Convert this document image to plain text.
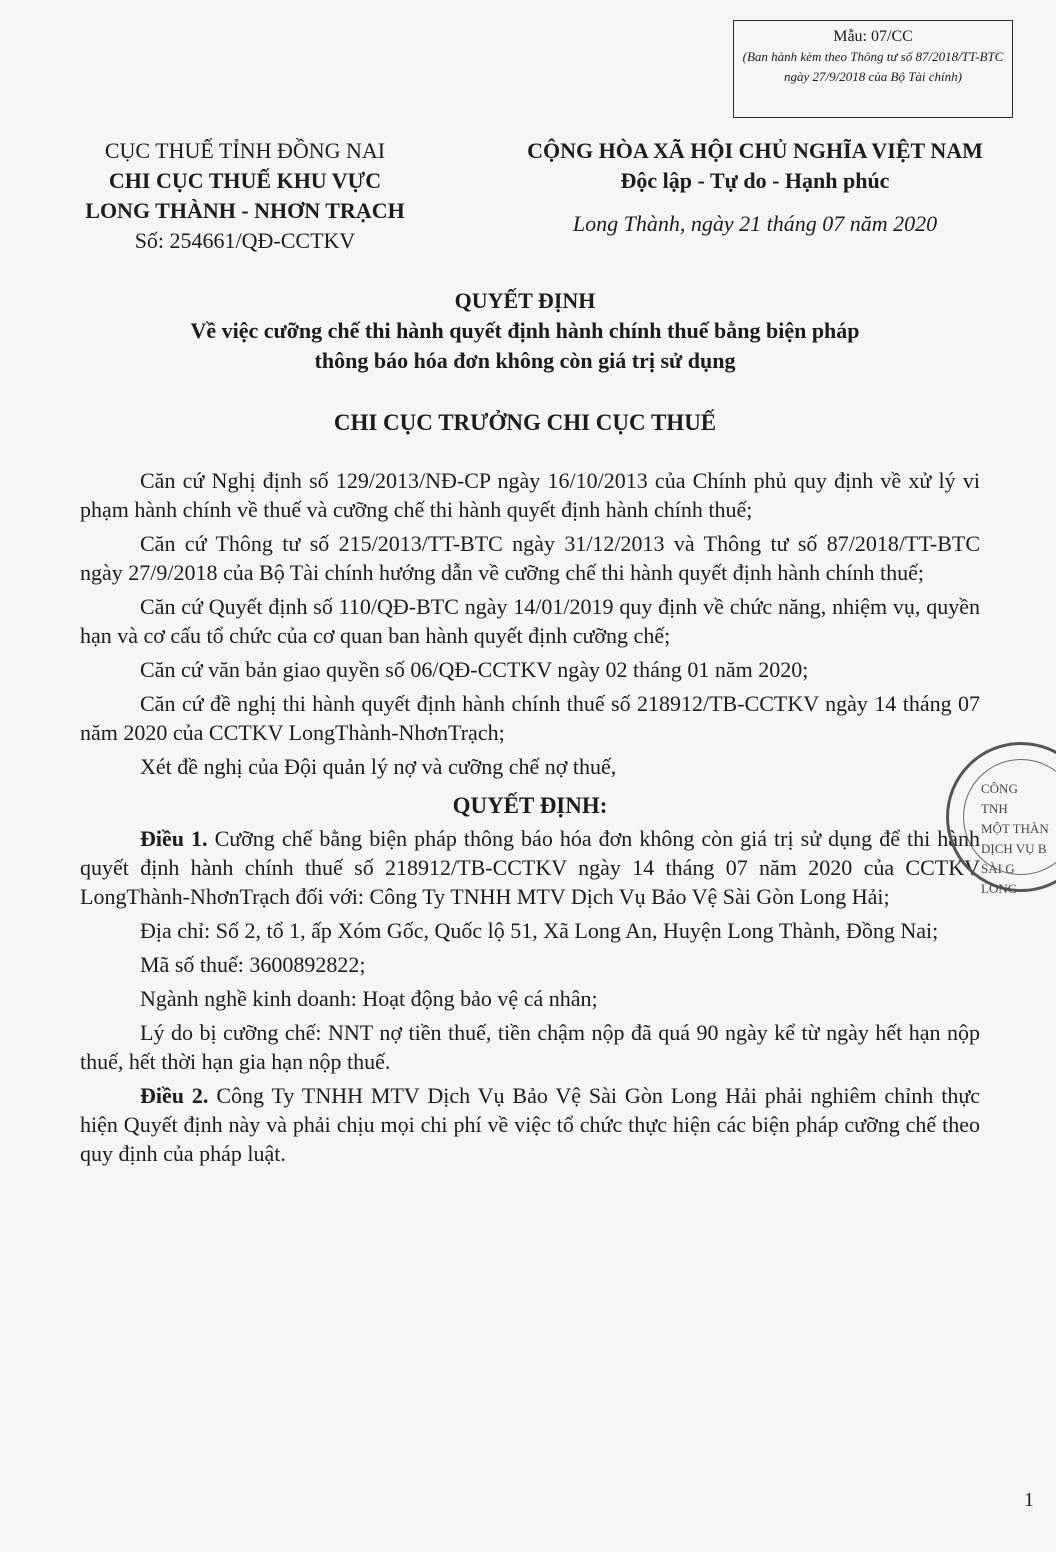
Mẫu: 07/CC
(Ban hành kèm theo Thông tư số 87/2018/TT-BTC ngày 27/9/2018 của Bộ Tài chính)
CỤC THUẾ TỈNH ĐỒNG NAI
CHI CỤC THUẾ KHU VỰC
LONG THÀNH - NHƠN TRẠCH
Số: 254661/QĐ-CCTKV
CỘNG HÒA XÃ HỘI CHỦ NGHĨA VIỆT NAM
Độc lập - Tự do - Hạnh phúc
Long Thành, ngày 21 tháng 07 năm 2020
QUYẾT ĐỊNH
Về việc cưỡng chế thi hành quyết định hành chính thuế bằng biện pháp
thông báo hóa đơn không còn giá trị sử dụng
CHI CỤC TRƯỞNG CHI CỤC THUẾ

Căn cứ Nghị định số 129/2013/NĐ-CP ngày 16/10/2013 của Chính phủ quy định về xử lý vi phạm hành chính về thuế và cưỡng chế thi hành quyết định hành chính thuế;

Căn cứ Thông tư số 215/2013/TT-BTC ngày 31/12/2013 và Thông tư số 87/2018/TT-BTC ngày 27/9/2018 của Bộ Tài chính hướng dẫn về cưỡng chế thi hành quyết định hành chính thuế;

Căn cứ Quyết định số 110/QĐ-BTC ngày 14/01/2019 quy định về chức năng, nhiệm vụ, quyền hạn và cơ cấu tổ chức của cơ quan ban hành quyết định cưỡng chế;

Căn cứ văn bản giao quyền số 06/QĐ-CCTKV ngày 02 tháng 01 năm 2020;

Căn cứ đề nghị thi hành quyết định hành chính thuế số 218912/TB-CCTKV ngày 14 tháng 07 năm 2020 của CCTKV LongThành-NhơnTrạch;

Xét đề nghị của Đội quản lý nợ và cưỡng chế nợ thuế,

QUYẾT ĐỊNH:

Điều 1. Cưỡng chế bằng biện pháp thông báo hóa đơn không còn giá trị sử dụng để thi hành quyết định hành chính thuế số 218912/TB-CCTKV ngày 14 tháng 07 năm 2020 của CCTKV LongThành-NhơnTrạch đối với: Công Ty TNHH MTV Dịch Vụ Bảo Vệ Sài Gòn Long Hải;

Địa chỉ: Số 2, tổ 1, ấp Xóm Gốc, Quốc lộ 51, Xã Long An, Huyện Long Thành, Đồng Nai;

Mã số thuế: 3600892822;

Ngành nghề kinh doanh: Hoạt động bảo vệ cá nhân;

Lý do bị cưỡng chế: NNT nợ tiền thuế, tiền chậm nộp đã quá 90 ngày kể từ ngày hết hạn nộp thuế, hết thời hạn gia hạn nộp thuế.

Điều 2. Công Ty TNHH MTV Dịch Vụ Bảo Vệ Sài Gòn Long Hải phải nghiêm chỉnh thực hiện Quyết định này và phải chịu mọi chi phí về việc tổ chức thực hiện các biện pháp cưỡng chế theo quy định của pháp luật.

CÔNG
TNH
MỘT THÀN
DỊCH VỤ B
SÀI G
LONG
1
